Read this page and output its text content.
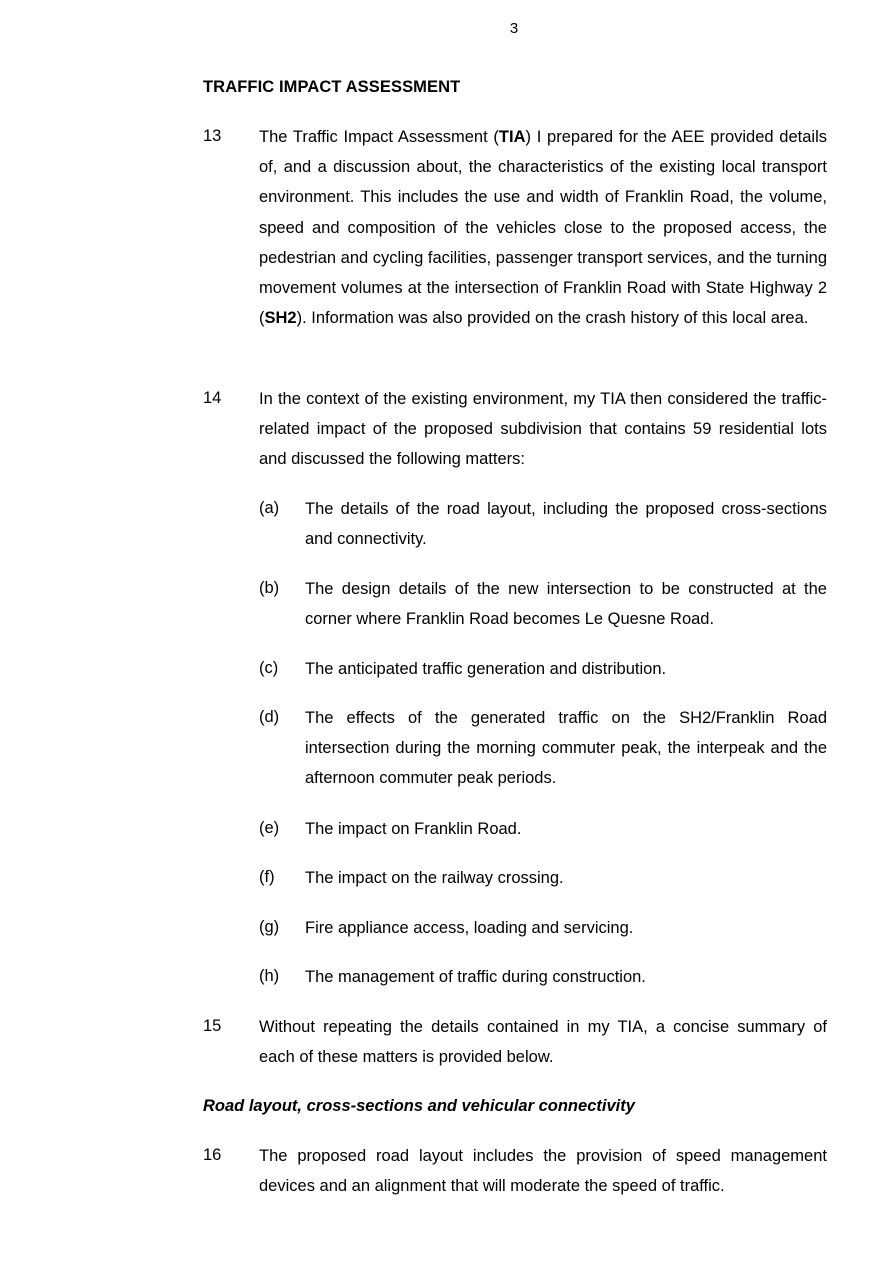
3
TRAFFIC IMPACT ASSESSMENT
13 The Traffic Impact Assessment (TIA) I prepared for the AEE provided details of, and a discussion about, the characteristics of the existing local transport environment. This includes the use and width of Franklin Road, the volume, speed and composition of the vehicles close to the proposed access, the pedestrian and cycling facilities, passenger transport services, and the turning movement volumes at the intersection of Franklin Road with State Highway 2 (SH2). Information was also provided on the crash history of this local area.
14 In the context of the existing environment, my TIA then considered the traffic-related impact of the proposed subdivision that contains 59 residential lots and discussed the following matters:
(a) The details of the road layout, including the proposed cross-sections and connectivity.
(b) The design details of the new intersection to be constructed at the corner where Franklin Road becomes Le Quesne Road.
(c) The anticipated traffic generation and distribution.
(d) The effects of the generated traffic on the SH2/Franklin Road intersection during the morning commuter peak, the interpeak and the afternoon commuter peak periods.
(e) The impact on Franklin Road.
(f) The impact on the railway crossing.
(g) Fire appliance access, loading and servicing.
(h) The management of traffic during construction.
15 Without repeating the details contained in my TIA, a concise summary of each of these matters is provided below.
Road layout, cross-sections and vehicular connectivity
16 The proposed road layout includes the provision of speed management devices and an alignment that will moderate the speed of traffic.
